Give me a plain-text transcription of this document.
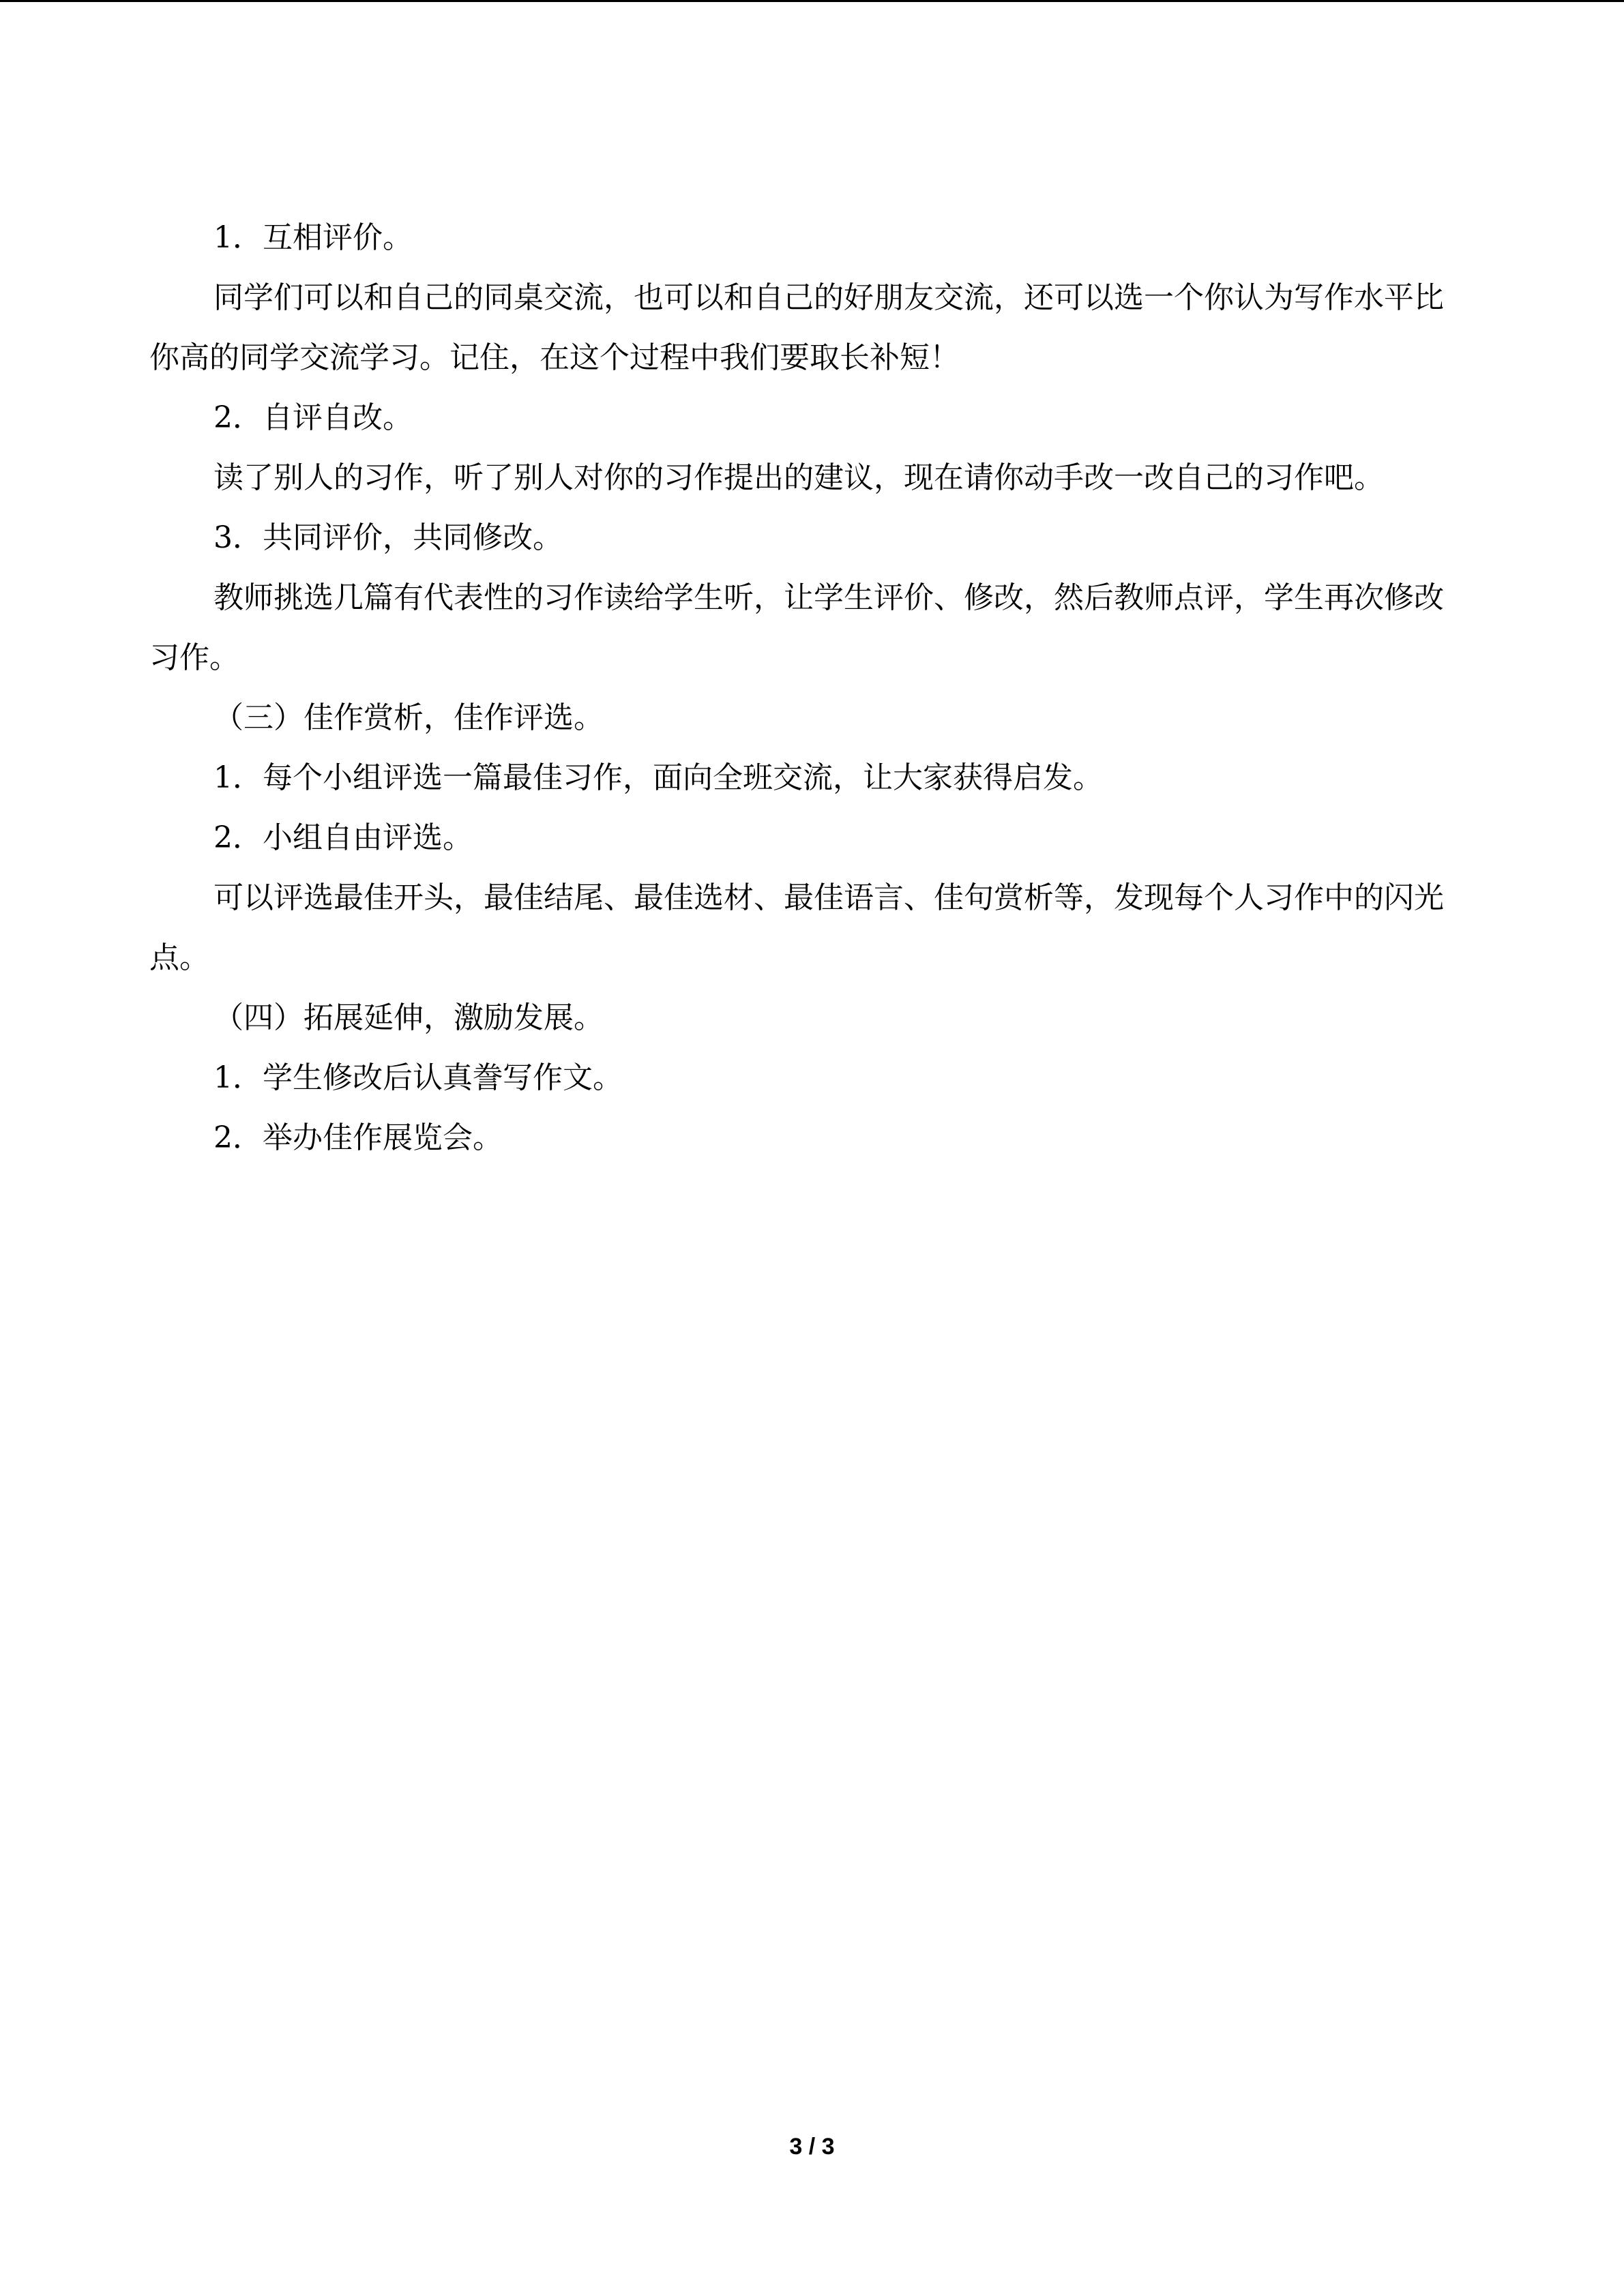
1．互相评价。

同学们可以和自己的同桌交流，也可以和自己的好朋友交流，还可以选一个你认为写作水平比你高的同学交流学习。记住，在这个过程中我们要取长补短！

2．自评自改。

读了别人的习作，听了别人对你的习作提出的建议，现在请你动手改一改自己的习作吧。

3．共同评价，共同修改。

教师挑选几篇有代表性的习作读给学生听，让学生评价、修改，然后教师点评，学生再次修改习作。

（三）佳作赏析，佳作评选。

1．每个小组评选一篇最佳习作，面向全班交流，让大家获得启发。

2．小组自由评选。

可以评选最佳开头，最佳结尾、最佳选材、最佳语言、佳句赏析等，发现每个人习作中的闪光点。

（四）拓展延伸，激励发展。

1．学生修改后认真誊写作文。

2．举办佳作展览会。

3 / 3
